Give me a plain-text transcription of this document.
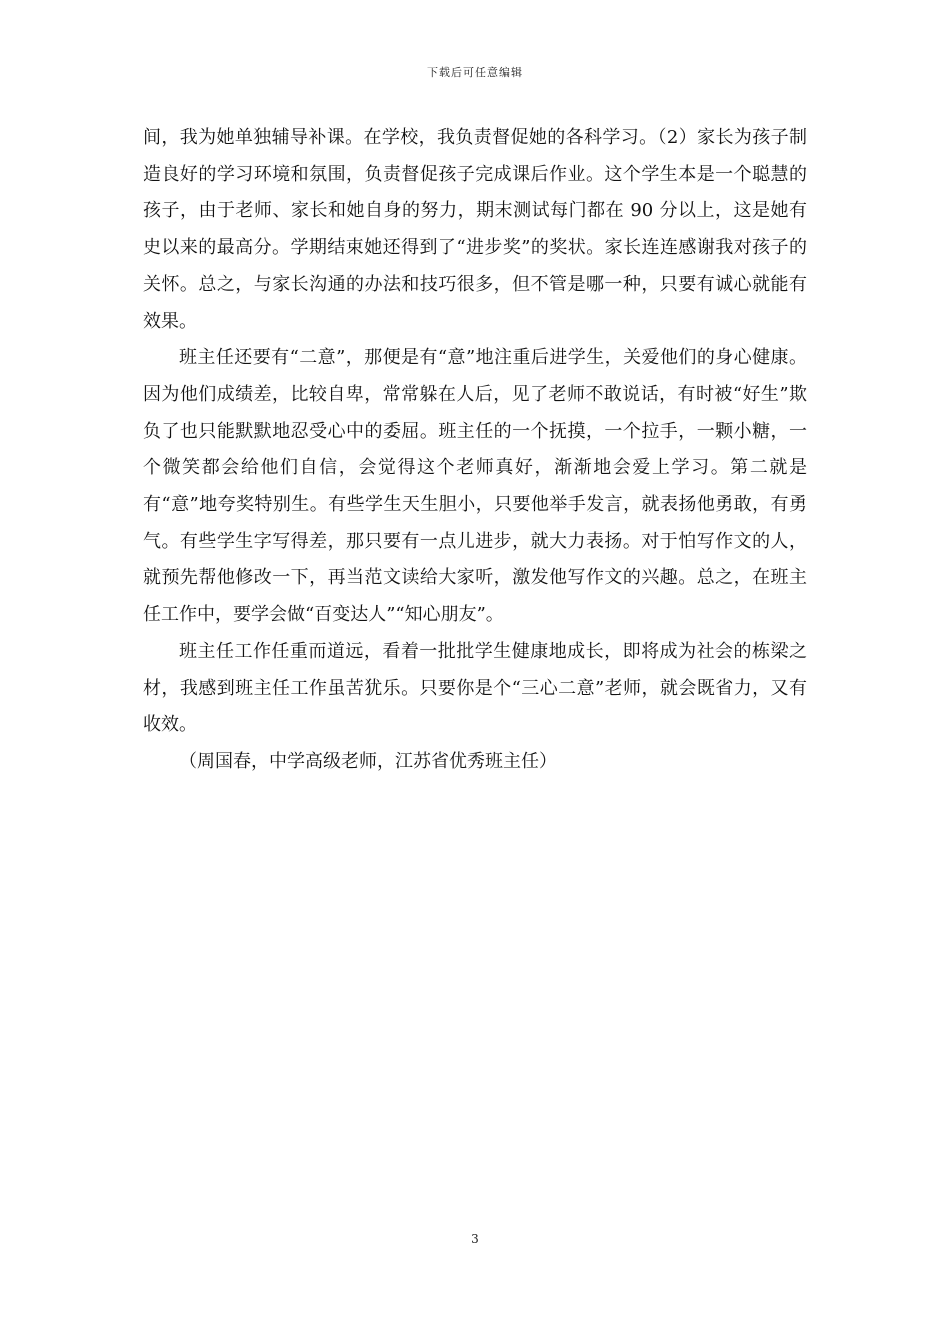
下载后可任意编辑

间，我为她单独辅导补课。在学校，我负责督促她的各科学习。（2）家长为孩子制造良好的学习环境和氛围，负责督促孩子完成课后作业。这个学生本是一个聪慧的孩子，由于老师、家长和她自身的努力，期末测试每门都在 90 分以上，这是她有史以来的最高分。学期结束她还得到了“进步奖”的奖状。家长连连感谢我对孩子的关怀。总之，与家长沟通的办法和技巧很多，但不管是哪一种，只要有诚心就能有效果。

班主任还要有“二意”，那便是有“意”地注重后进学生，关爱他们的身心健康。因为他们成绩差，比较自卑，常常躲在人后，见了老师不敢说话，有时被“好生”欺负了也只能默默地忍受心中的委屈。班主任的一个抚摸，一个拉手，一颗小糖，一个微笑都会给他们自信，会觉得这个老师真好，渐渐地会爱上学习。第二就是有“意”地夸奖特别生。有些学生天生胆小，只要他举手发言，就表扬他勇敢，有勇气。有些学生字写得差，那只要有一点儿进步，就大力表扬。对于怕写作文的人，就预先帮他修改一下，再当范文读给大家听，激发他写作文的兴趣。总之，在班主任工作中，要学会做“百变达人”“知心朋友”。

班主任工作任重而道远，看着一批批学生健康地成长，即将成为社会的栋梁之材，我感到班主任工作虽苦犹乐。只要你是个“三心二意”老师，就会既省力，又有收效。

（周国春，中学高级老师，江苏省优秀班主任）

3
